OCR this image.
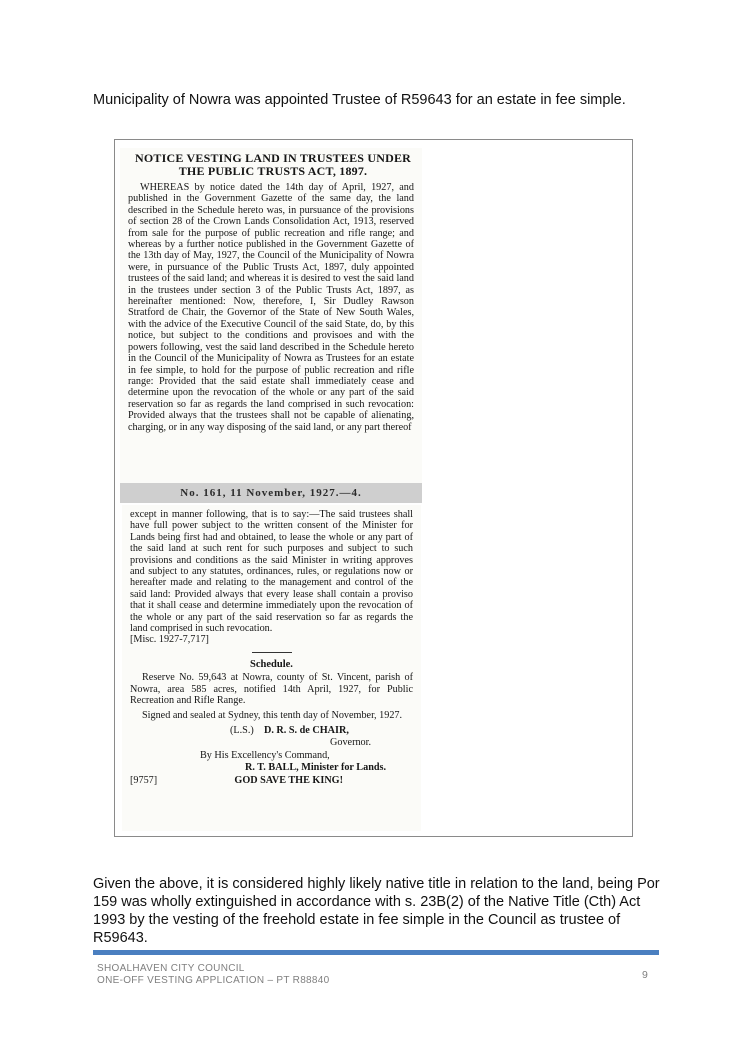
Municipality of Nowra was appointed Trustee of R59643 for an estate in fee simple.
NOTICE VESTING LAND IN TRUSTEES UNDER
THE PUBLIC TRUSTS ACT, 1897.

WHEREAS by notice dated the 14th day of April, 1927, and published in the Government Gazette of the same day, the land described in the Schedule hereto was, in pursuance of the provisions of section 28 of the Crown Lands Consolidation Act, 1913, reserved from sale for the purpose of public recreation and rifle range; and whereas by a further notice published in the Government Gazette of the 13th day of May, 1927, the Council of the Municipality of Nowra were, in pursuance of the Public Trusts Act, 1897, duly appointed trustees of the said land; and whereas it is desired to vest the said land in the trustees under section 3 of the Public Trusts Act, 1897, as hereinafter mentioned: Now, therefore, I, Sir Dudley Rawson Stratford de Chair, the Governor of the State of New South Wales, with the advice of the Executive Council of the said State, do, by this notice, but subject to the conditions and provisoes and with the powers following, vest the said land described in the Schedule hereto in the Council of the Municipality of Nowra as Trustees for an estate in fee simple, to hold for the purpose of public recreation and rifle range: Provided that the said estate shall immediately cease and determine upon the revocation of the whole or any part of the said reservation so far as regards the land comprised in such revocation: Provided always that the trustees shall not be capable of alienating, charging, or in any way disposing of the said land, or any part thereof

No. 161, 11 November, 1927.—4.

except in manner following, that is to say:—The said trustees shall have full power subject to the written consent of the Minister for Lands being first had and obtained, to lease the whole or any part of the said land at such rent for such purposes and subject to such provisions and conditions as the said Minister in writing approves and subject to any statutes, ordinances, rules, or regulations now or hereafter made and relating to the management and control of the said land: Provided always that every lease shall contain a proviso that it shall cease and determine immediately upon the revocation of the whole or any part of the said reservation so far as regards the land comprised in such revocation.

[Misc. 1927-7,717]

Schedule.

Reserve No. 59,643 at Nowra, county of St. Vincent, parish of Nowra, area 585 acres, notified 14th April, 1927, for Public Recreation and Rifle Range.

Signed and sealed at Sydney, this tenth day of November, 1927.

(L.S.) D. R. S. de CHAIR,
Governor.
By His Excellency's Command,
R. T. BALL, Minister for Lands.
[9757]	GOD SAVE THE KING!
Given the above, it is considered highly likely native title in relation to the land, being Por 159 was wholly extinguished in accordance with s. 23B(2) of the Native Title (Cth) Act 1993 by the vesting of the freehold estate in fee simple in the Council as trustee of R59643.
SHOALHAVEN CITY COUNCIL
ONE-OFF VESTING APPLICATION – PT R88840	9
